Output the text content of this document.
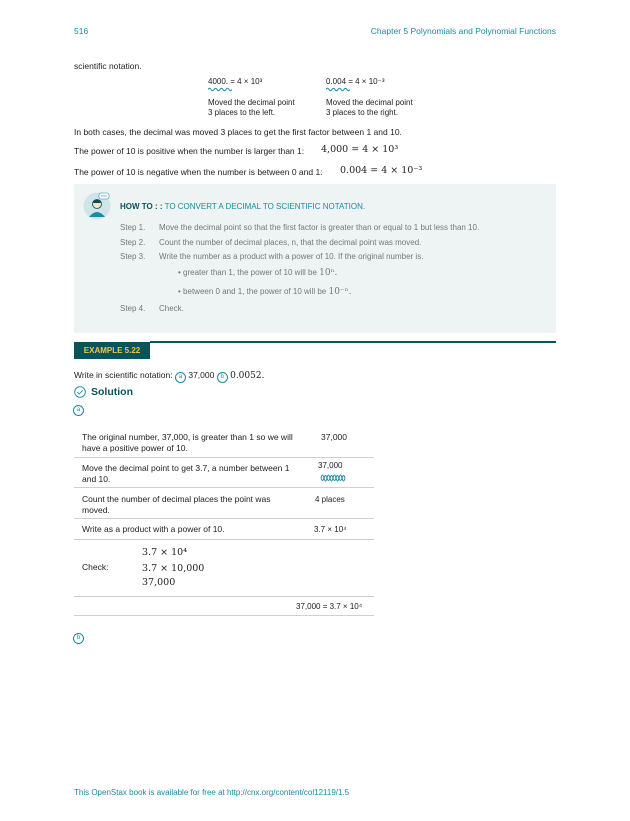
516	Chapter 5 Polynomials and Polynomial Functions
scientific notation.
4000. = 4 × 10³
Moved the decimal point
3 places to the left.
0.004 = 4 × 10⁻³
Moved the decimal point
3 places to the right.
In both cases, the decimal was moved 3 places to get the first factor between 1 and 10.
The power of 10 is positive when the number is larger than 1: 4,000 = 4 × 10³
The power of 10 is negative when the number is between 0 and 1: 0.004 = 4 × 10⁻³
HOW TO : : TO CONVERT A DECIMAL TO SCIENTIFIC NOTATION.
Step 1. Move the decimal point so that the first factor is greater than or equal to 1 but less than 10.
Step 2. Count the number of decimal places, n, that the decimal point was moved.
Step 3. Write the number as a product with a power of 10. If the original number is.
• greater than 1, the power of 10 will be 10ⁿ.
• between 0 and 1, the power of 10 will be 10⁻ⁿ.
Step 4. Check.
EXAMPLE 5.22
Write in scientific notation: a 37,000 b 0.0052.
Solution
a
The original number, 37,000, is greater than 1 so we will have a positive power of 10.
37,000
Move the decimal point to get 3.7, a number between 1 and 10.
37,000
Count the number of decimal places the point was moved.
4 places
Write as a product with a power of 10.	3.7 × 10⁴
Check:
3.7 × 10⁴
3.7 × 10,000
37,000
37,000 = 3.7 × 10⁴
b
This OpenStax book is available for free at http://cnx.org/content/col12119/1.5
